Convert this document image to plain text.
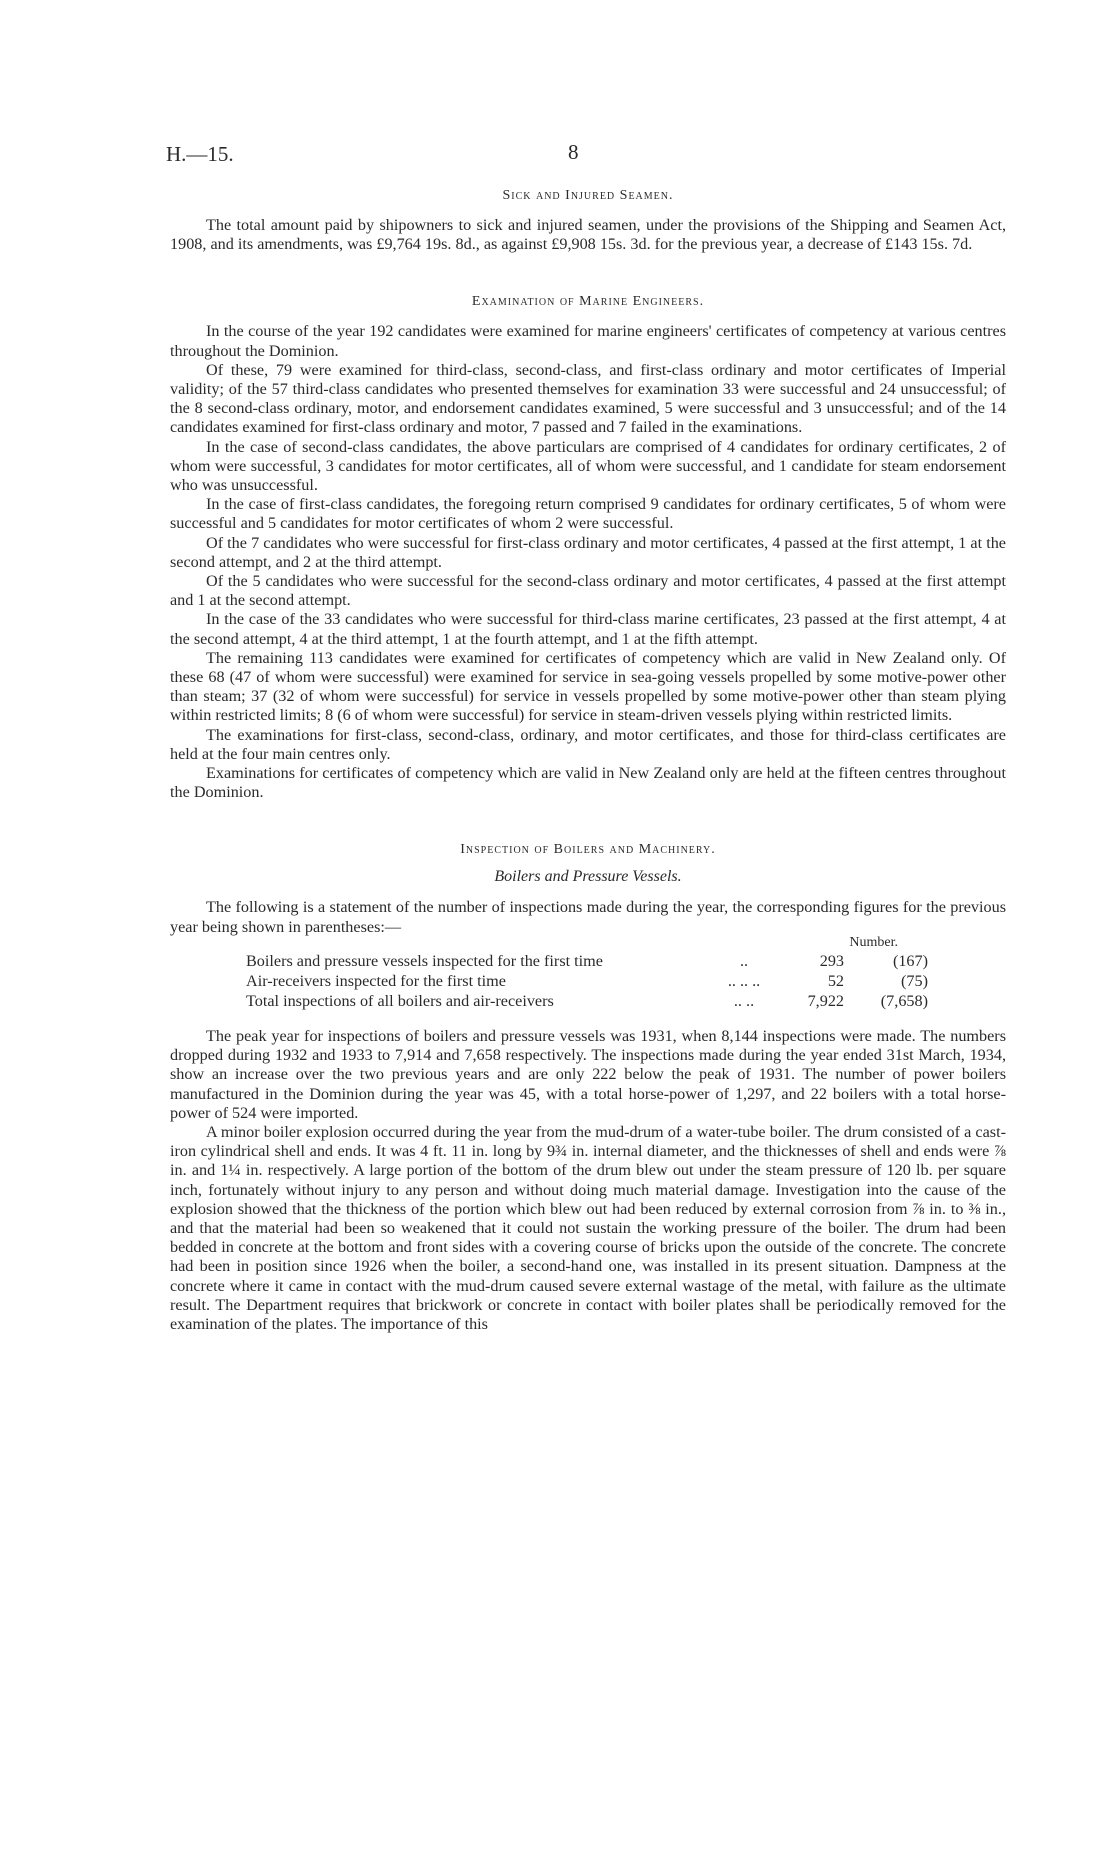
H.—15.	8
Sick and Injured Seamen.

The total amount paid by shipowners to sick and injured seamen, under the provisions of the Shipping and Seamen Act, 1908, and its amendments, was £9,764 19s. 8d., as against £9,908 15s. 3d. for the previous year, a decrease of £143 15s. 7d.

Examination of Marine Engineers.

In the course of the year 192 candidates were examined for marine engineers' certificates of competency at various centres throughout the Dominion.

Of these, 79 were examined for third-class, second-class, and first-class ordinary and motor certificates of Imperial validity; of the 57 third-class candidates who presented themselves for examination 33 were successful and 24 unsuccessful; of the 8 second-class ordinary, motor, and endorsement candidates examined, 5 were successful and 3 unsuccessful; and of the 14 candidates examined for first-class ordinary and motor, 7 passed and 7 failed in the examinations.

In the case of second-class candidates, the above particulars are comprised of 4 candidates for ordinary certificates, 2 of whom were successful, 3 candidates for motor certificates, all of whom were successful, and 1 candidate for steam endorsement who was unsuccessful.

In the case of first-class candidates, the foregoing return comprised 9 candidates for ordinary certificates, 5 of whom were successful and 5 candidates for motor certificates of whom 2 were successful.

Of the 7 candidates who were successful for first-class ordinary and motor certificates, 4 passed at the first attempt, 1 at the second attempt, and 2 at the third attempt.

Of the 5 candidates who were successful for the second-class ordinary and motor certificates, 4 passed at the first attempt and 1 at the second attempt.

In the case of the 33 candidates who were successful for third-class marine certificates, 23 passed at the first attempt, 4 at the second attempt, 4 at the third attempt, 1 at the fourth attempt, and 1 at the fifth attempt.

The remaining 113 candidates were examined for certificates of competency which are valid in New Zealand only. Of these 68 (47 of whom were successful) were examined for service in sea-going vessels propelled by some motive-power other than steam; 37 (32 of whom were successful) for service in vessels propelled by some motive-power other than steam plying within restricted limits; 8 (6 of whom were successful) for service in steam-driven vessels plying within restricted limits.

The examinations for first-class, second-class, ordinary, and motor certificates, and those for third-class certificates are held at the four main centres only.

Examinations for certificates of competency which are valid in New Zealand only are held at the fifteen centres throughout the Dominion.

Inspection of Boilers and Machinery.
Boilers and Pressure Vessels.

The following is a statement of the number of inspections made during the year, the corresponding figures for the previous year being shown in parentheses:—

Number.
Boilers and pressure vessels inspected for the first time	..	293	(167)
Air-receivers inspected for the first time	.. .. ..	52	(75)
Total inspections of all boilers and air-receivers	.. ..	7,922	(7,658)

The peak year for inspections of boilers and pressure vessels was 1931, when 8,144 inspections were made. The numbers dropped during 1932 and 1933 to 7,914 and 7,658 respectively. The inspections made during the year ended 31st March, 1934, show an increase over the two previous years and are only 222 below the peak of 1931. The number of power boilers manufactured in the Dominion during the year was 45, with a total horse-power of 1,297, and 22 boilers with a total horse-power of 524 were imported.

A minor boiler explosion occurred during the year from the mud-drum of a water-tube boiler. The drum consisted of a cast-iron cylindrical shell and ends. It was 4 ft. 11 in. long by 9¾ in. internal diameter, and the thicknesses of shell and ends were ⅞ in. and 1¼ in. respectively. A large portion of the bottom of the drum blew out under the steam pressure of 120 lb. per square inch, fortunately without injury to any person and without doing much material damage. Investigation into the cause of the explosion showed that the thickness of the portion which blew out had been reduced by external corrosion from ⅞ in. to ⅜ in., and that the material had been so weakened that it could not sustain the working pressure of the boiler. The drum had been bedded in concrete at the bottom and front sides with a covering course of bricks upon the outside of the concrete. The concrete had been in position since 1926 when the boiler, a second-hand one, was installed in its present situation. Dampness at the concrete where it came in contact with the mud-drum caused severe external wastage of the metal, with failure as the ultimate result. The Department requires that brickwork or concrete in contact with boiler plates shall be periodically removed for the examination of the plates. The importance of this
